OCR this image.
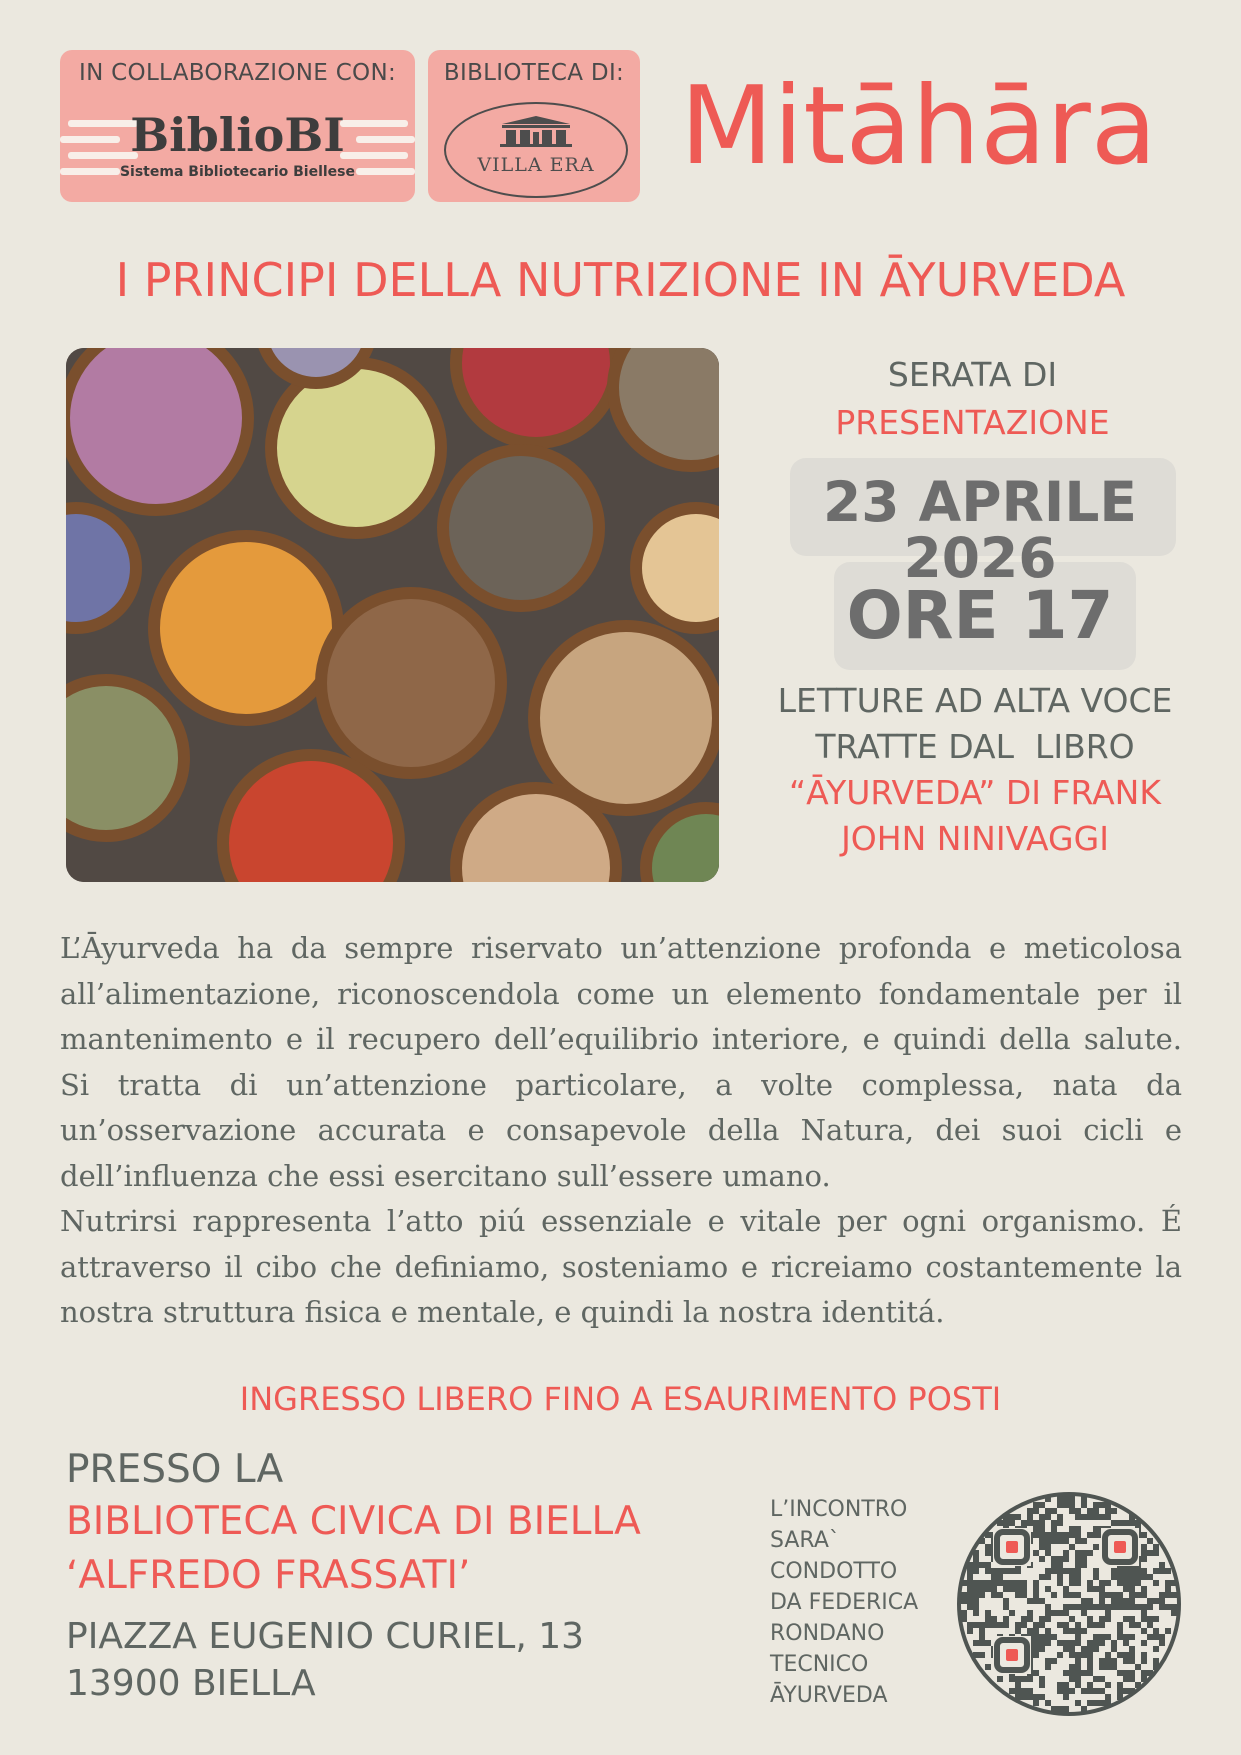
IN COLLABORAZIONE CON:
BiblioBI
Sistema Bibliotecario Biellese
BIBLIOTECA DI:
VILLA ERA Mitāhāra
I PRINCIPI DELLA NUTRIZIONE IN ĀYURVEDA
SERATA DI
PRESENTAZIONE
23 APRILE
2026
ORE 17
LETTURE AD ALTA VOCE
TRATTE DAL  LIBRO
“ĀYURVEDA” DI FRANK
JOHN NINIVAGGI

L’Āyurveda ha da sempre riservato un’attenzione profonda e meticolosa all’alimentazione, riconoscendola come un elemento fondamentale per il mantenimento e il recupero dell’equilibrio interiore, e quindi della salute. Si tratta di un’attenzione particolare, a volte complessa, nata da un’osservazione accurata e consapevole della Natura, dei suoi cicli e dell’influenza che essi esercitano sull’essere umano.

Nutrirsi rappresenta l’atto piú essenziale e vitale per ogni organismo. É attraverso il cibo che definiamo, sosteniamo e ricreiamo costantemente la nostra struttura fisica e mentale, e quindi la nostra identitá.

INGRESSO LIBERO FINO A ESAURIMENTO POSTI
PRESSO LA
BIBLIOTECA CIVICA DI BIELLA
‘ALFREDO FRASSATI’
PIAZZA EUGENIO CURIEL, 13
13900 BIELLA
L’INCONTRO
SARA`
CONDOTTO
DA FEDERICA
RONDANO
TECNICO
ĀYURVEDA
